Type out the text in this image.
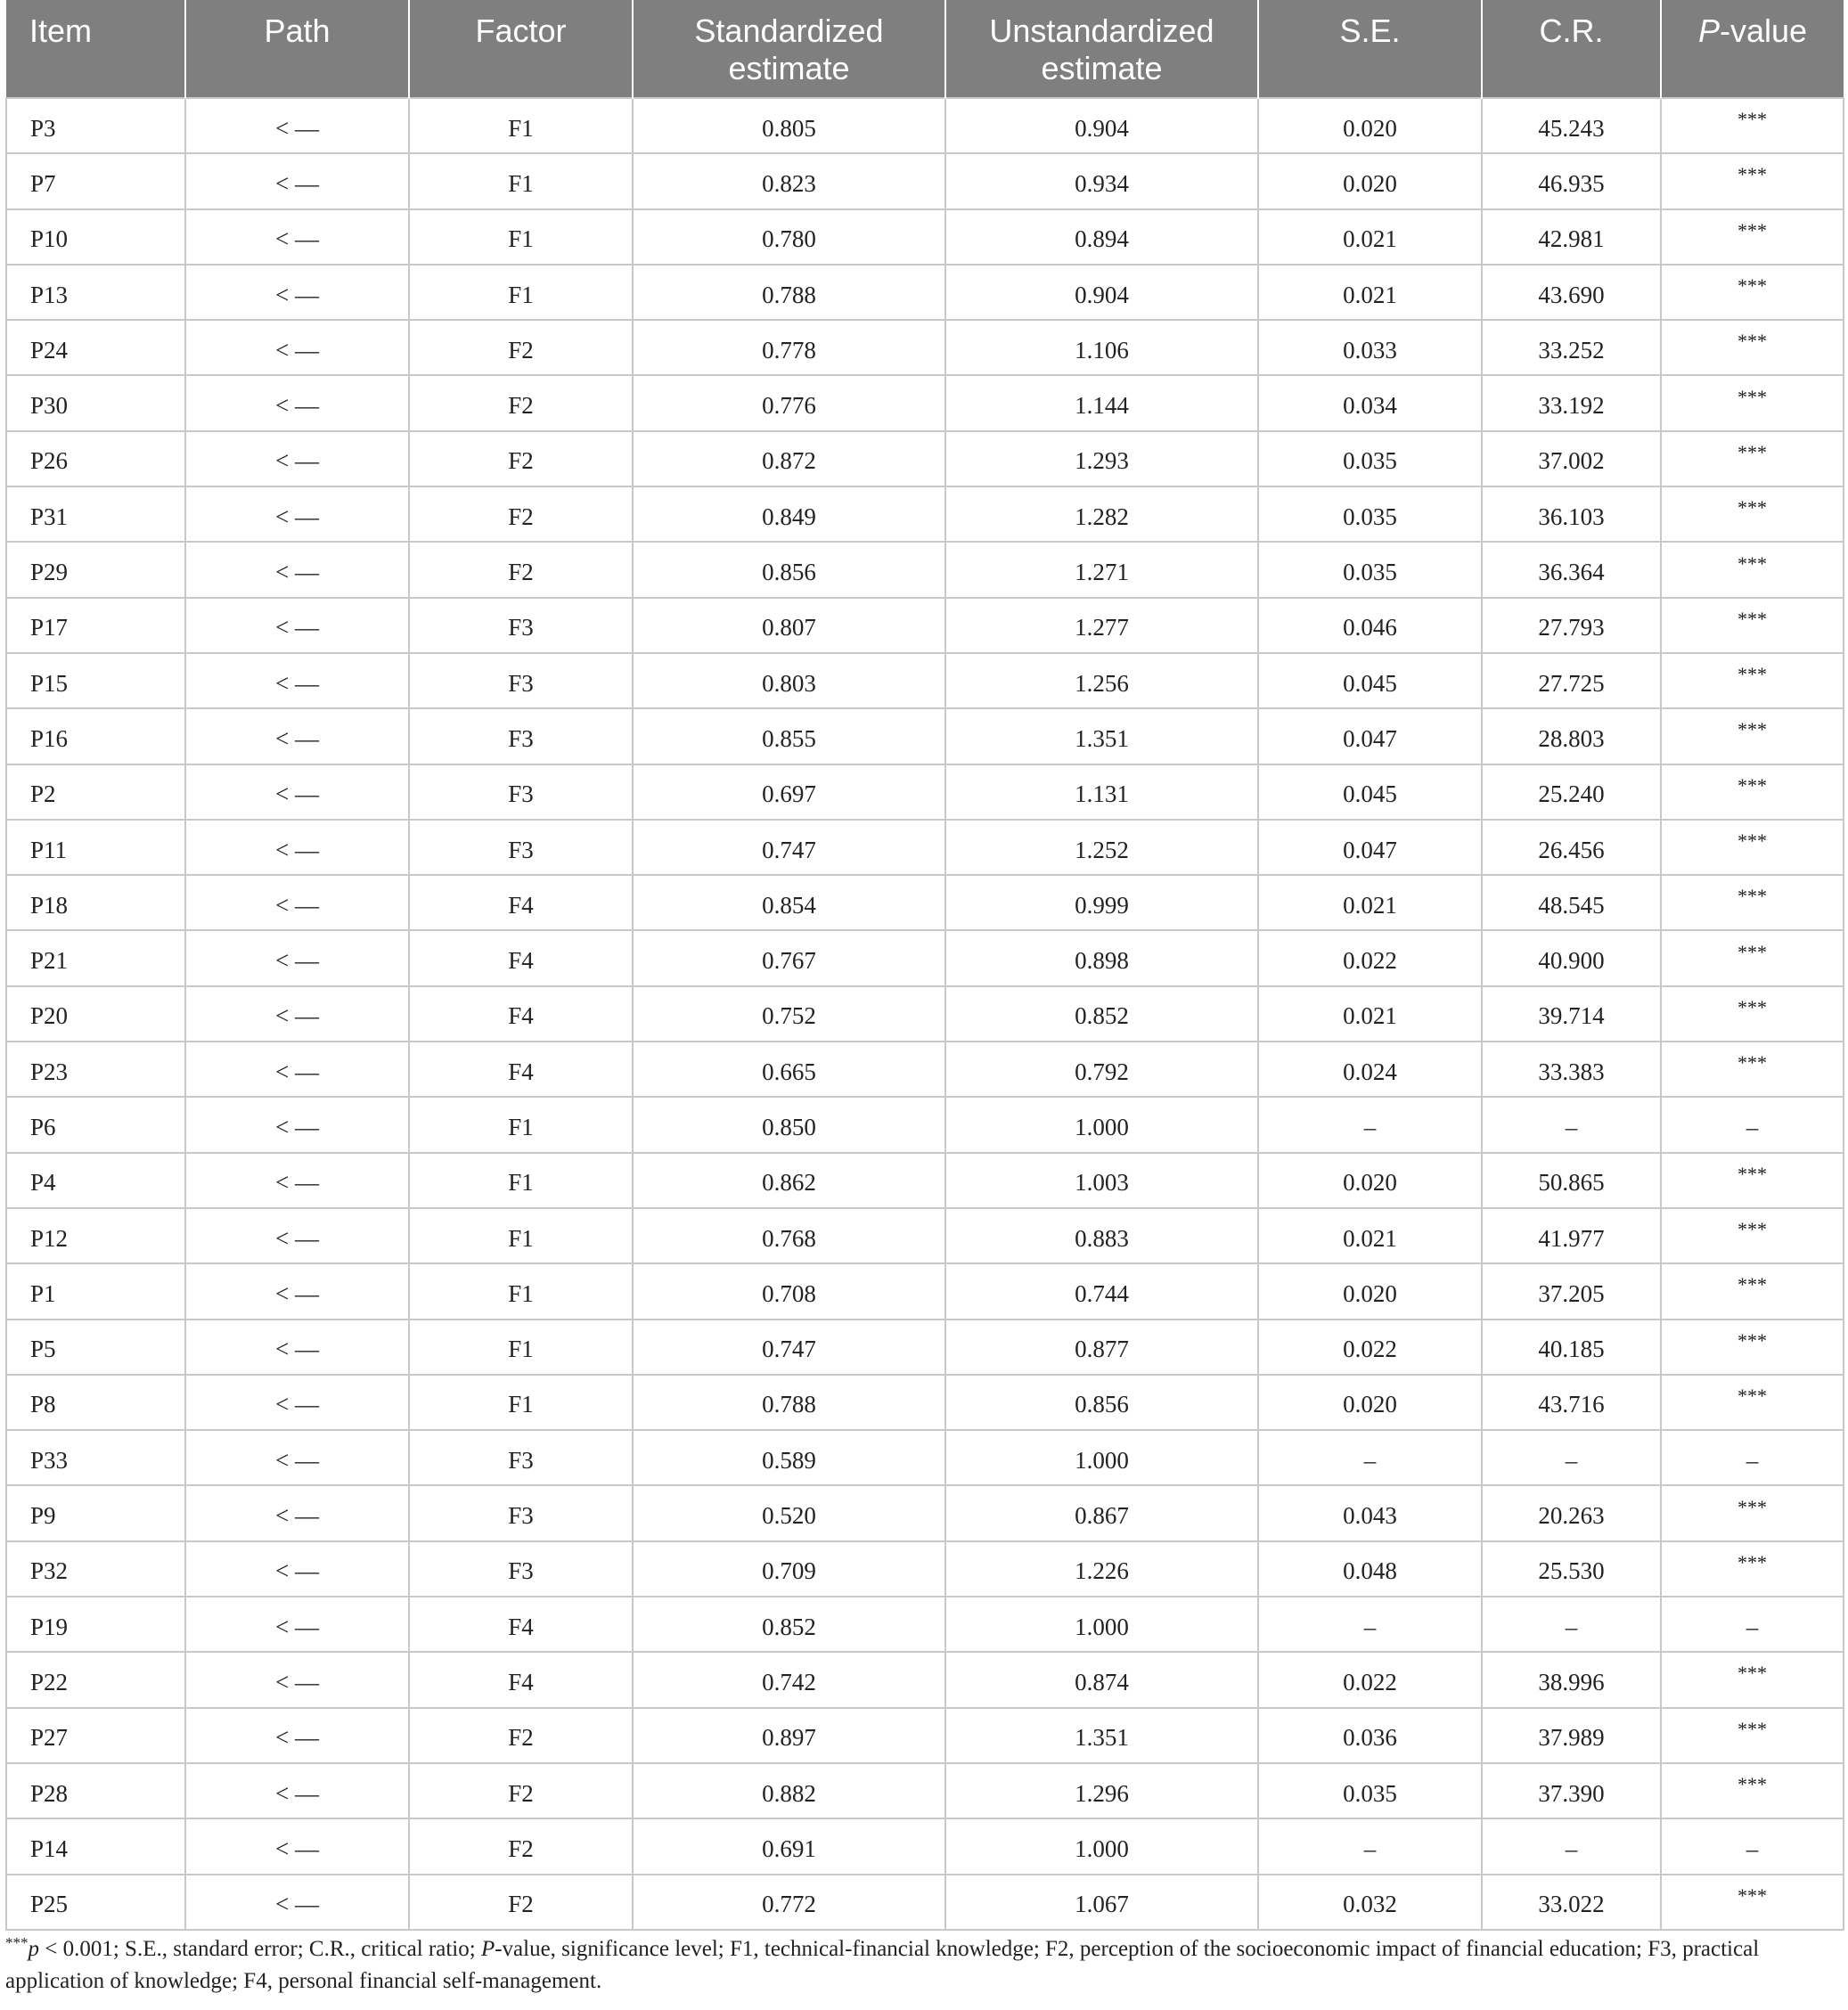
Item	Path	Factor	Standardized estimate	Unstandardized estimate	S.E.	C.R.	P-value
P3	< —	F1	0.805	0.904	0.020	45.243	***
P7	< —	F1	0.823	0.934	0.020	46.935	***
P10	< —	F1	0.780	0.894	0.021	42.981	***
P13	< —	F1	0.788	0.904	0.021	43.690	***
P24	< —	F2	0.778	1.106	0.033	33.252	***
P30	< —	F2	0.776	1.144	0.034	33.192	***
P26	< —	F2	0.872	1.293	0.035	37.002	***
P31	< —	F2	0.849	1.282	0.035	36.103	***
P29	< —	F2	0.856	1.271	0.035	36.364	***
P17	< —	F3	0.807	1.277	0.046	27.793	***
P15	< —	F3	0.803	1.256	0.045	27.725	***
P16	< —	F3	0.855	1.351	0.047	28.803	***
P2	< —	F3	0.697	1.131	0.045	25.240	***
P11	< —	F3	0.747	1.252	0.047	26.456	***
P18	< —	F4	0.854	0.999	0.021	48.545	***
P21	< —	F4	0.767	0.898	0.022	40.900	***
P20	< —	F4	0.752	0.852	0.021	39.714	***
P23	< —	F4	0.665	0.792	0.024	33.383	***
P6	< —	F1	0.850	1.000	–	–	–
P4	< —	F1	0.862	1.003	0.020	50.865	***
P12	< —	F1	0.768	0.883	0.021	41.977	***
P1	< —	F1	0.708	0.744	0.020	37.205	***
P5	< —	F1	0.747	0.877	0.022	40.185	***
P8	< —	F1	0.788	0.856	0.020	43.716	***
P33	< —	F3	0.589	1.000	–	–	–
P9	< —	F3	0.520	0.867	0.043	20.263	***
P32	< —	F3	0.709	1.226	0.048	25.530	***
P19	< —	F4	0.852	1.000	–	–	–
P22	< —	F4	0.742	0.874	0.022	38.996	***
P27	< —	F2	0.897	1.351	0.036	37.989	***
P28	< —	F2	0.882	1.296	0.035	37.390	***
P14	< —	F2	0.691	1.000	–	–	–
P25	< —	F2	0.772	1.067	0.032	33.022	***
***p < 0.001; S.E., standard error; C.R., critical ratio; P-value, significance level; F1, technical-financial knowledge; F2, perception of the socioeconomic impact of financial education; F3, practical application of knowledge; F4, personal financial self-management.
